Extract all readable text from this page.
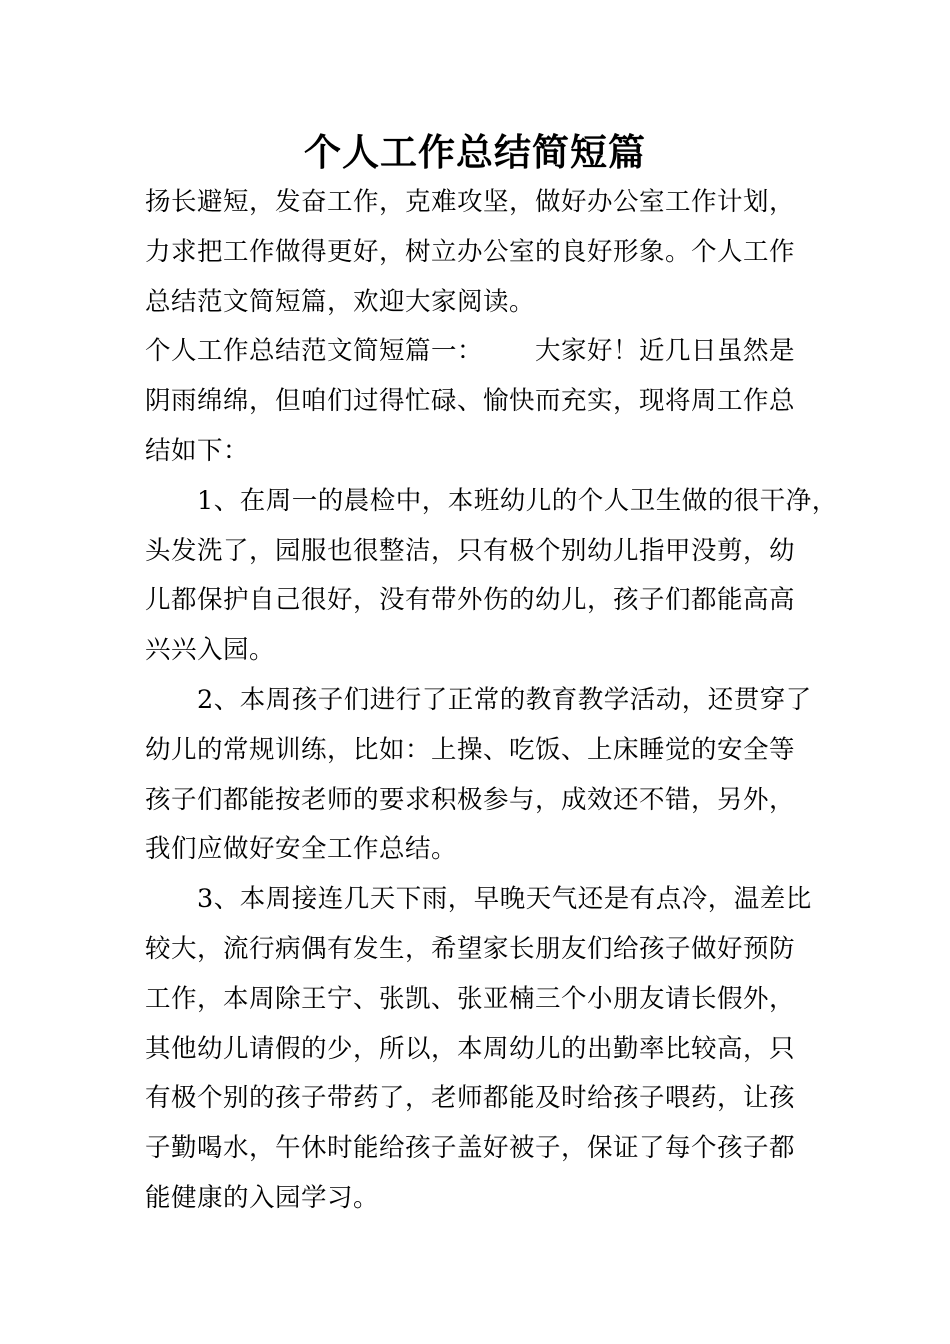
个人工作总结简短篇
扬长避短，发奋工作，克难攻坚，做好办公室工作计划，
力求把工作做得更好，树立办公室的良好形象。个人工作
总结范文简短篇，欢迎大家阅读。
个人工作总结范文简短篇一： 大家好！近几日虽然是
阴雨绵绵，但咱们过得忙碌、愉快而充实，现将周工作总
结如下：
1、在周一的晨检中，本班幼儿的个人卫生做的很干净，
头发洗了，园服也很整洁，只有极个别幼儿指甲没剪，幼
儿都保护自己很好，没有带外伤的幼儿，孩子们都能高高
兴兴入园。
2、本周孩子们进行了正常的教育教学活动，还贯穿了
幼儿的常规训练，比如：上操、吃饭、上床睡觉的安全等
孩子们都能按老师的要求积极参与，成效还不错，另外，
我们应做好安全工作总结。
3、本周接连几天下雨，早晚天气还是有点冷，温差比
较大，流行病偶有发生，希望家长朋友们给孩子做好预防
工作，本周除王宁、张凯、张亚楠三个小朋友请长假外，
其他幼儿请假的少，所以，本周幼儿的出勤率比较高，只
有极个别的孩子带药了，老师都能及时给孩子喂药，让孩
子勤喝水，午休时能给孩子盖好被子，保证了每个孩子都
能健康的入园学习。
